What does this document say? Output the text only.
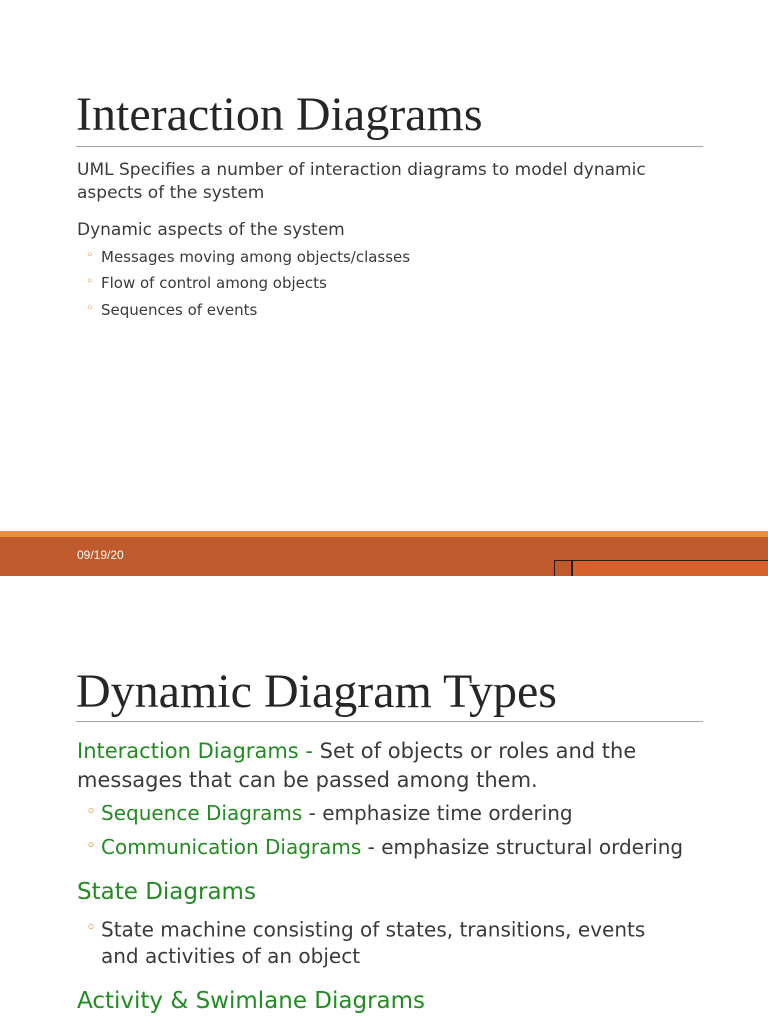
Interaction Diagrams

UML Specifies a number of interaction diagrams to model dynamic
aspects of the system

Dynamic aspects of the system

◦ Messages moving among objects/classes

◦ Flow of control among objects

◦ Sequences of events

09/19/20
Dynamic Diagram Types

Interaction Diagrams - Set of objects or roles and the
messages that can be passed among them.

◦ Sequence Diagrams - emphasize time ordering

◦ Communication Diagrams - emphasize structural ordering

State Diagrams

◦ State machine consisting of states, transitions, events
and activities of an object

Activity & Swimlane Diagrams
